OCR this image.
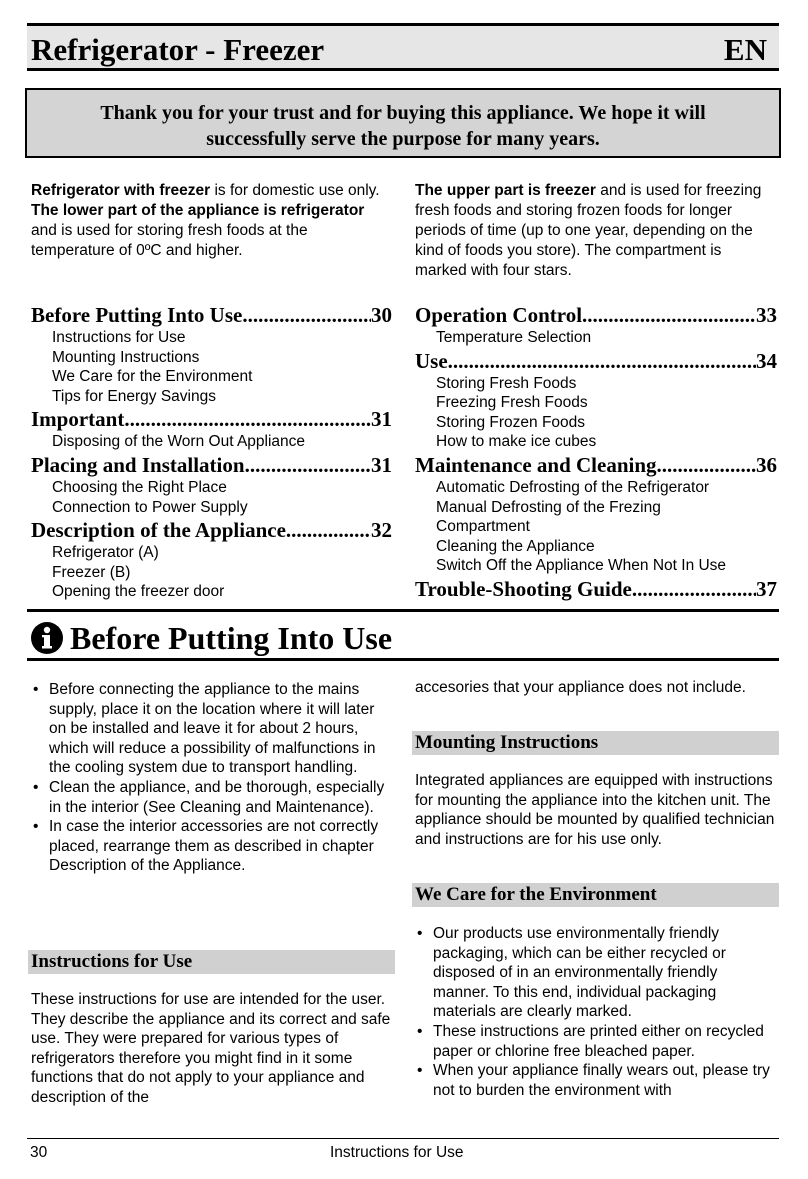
Refrigerator - Freezer	EN
Thank you for your trust and for buying this appliance. We hope it will
successfully serve the purpose for many years.
Refrigerator with freezer is for domestic use only.
The lower part of the appliance is refrigerator and is used for storing fresh foods at the temperature of 0ºC and higher.
The upper part is freezer and is used for freezing fresh foods and storing frozen foods for longer periods of time (up to one year, depending on the kind of foods you store). The compartment is marked with four stars.
Before Putting Into Use .....	30
Instructions for Use
Mounting Instructions
We Care for the Environment
Tips for Energy Savings
Important .....	31
Disposing of the Worn Out Appliance
Placing and Installation .....	31
Choosing the Right Place
Connection to Power Supply
Description of the Appliance .....	32
Refrigerator (A)
Freezer (B)
Opening the freezer door
Operation Control .....	33
Temperature Selection
Use .....	34
Storing Fresh Foods
Freezing Fresh Foods
Storing Frozen Foods
How to make ice cubes
Maintenance and Cleaning .....	36
Automatic Defrosting of the Refrigerator
Manual Defrosting of the Frezing
Compartment
Cleaning the Appliance
Switch Off the Appliance When Not In Use
Trouble-Shooting Guide .....	37
Before Putting Into Use
• Before connecting the appliance to the mains supply, place it on the location where it will later on be installed and leave it for about 2 hours, which will reduce a possibility of malfunctions in the cooling system due to transport handling.
• Clean the appliance, and be thorough, especially in the interior (See Cleaning and Maintenance).
• In case the interior accessories are not correctly placed, rearrange them as described in chapter Description of the Appliance.
Instructions for Use

These instructions for use are intended for the user. They describe the appliance and its correct and safe use. They were prepared for various types of refrigerators therefore you might find in it some functions that do not apply to your appliance and description of the

accesories that your appliance does not include.

Mounting Instructions

Integrated appliances are equipped with instructions for mounting the appliance into the kitchen unit. The appliance should be mounted by qualified technician and instructions are for his use only.

We Care for the Environment
• Our products use environmentally friendly packaging, which can be either recycled or disposed of in an environmentally friendly manner. To this end, individual packaging materials are clearly marked.
• These instructions are printed either on recycled paper or chlorine free bleached paper.
• When your appliance finally wears out, please try not to burden the environment with
30	Instructions for Use
